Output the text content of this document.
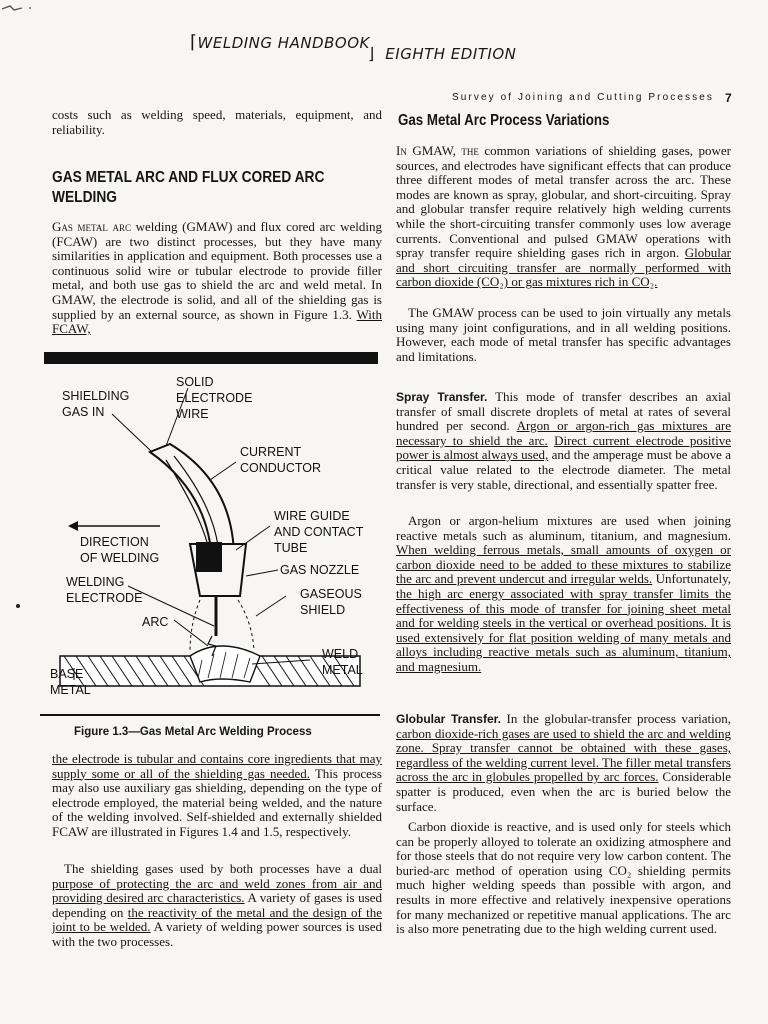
⌈WELDING HANDBOOK
⌋ EIGHTH EDITION
Survey of Joining and Cutting Processes 7

costs such as welding speed, materials, equipment, and reliability.

GAS METAL ARC AND FLUX CORED ARC WELDING

Gas metal arc welding (GMAW) and flux cored arc welding (FCAW) are two distinct processes, but they have many similarities in application and equipment. Both processes use a continuous solid wire or tubular electrode to provide filler metal, and both use gas to shield the arc and weld metal. In GMAW, the electrode is solid, and all of the shielding gas is supplied by an external source, as shown in Figure 1.3. With FCAW,

SHIELDING
GAS IN
SOLID
ELECTRODE
WIRE
CURRENT
CONDUCTOR
WIRE GUIDE
AND CONTACT
TUBE
DIRECTION
OF WELDING
GAS NOZZLE
WELDING
ELECTRODE	GASEOUS
SHIELD
ARC
WELD
METAL
BASE
METAL
Figure 1.3—Gas Metal Arc Welding Process

the electrode is tubular and contains core ingredients that may supply some or all of the shielding gas needed. This process may also use auxiliary gas shielding, depending on the type of electrode employed, the material being welded, and the nature of the welding involved. Self-shielded and externally shielded FCAW are illustrated in Figures 1.4 and 1.5, respectively.

The shielding gases used by both processes have a dual purpose of protecting the arc and weld zones from air and providing desired arc characteristics. A variety of gases is used depending on the reactivity of the metal and the design of the joint to be welded. A variety of welding power sources is used with the two processes.

Gas Metal Arc Process Variations

In GMAW, the common variations of shielding gases, power sources, and electrodes have significant effects that can produce three different modes of metal transfer across the arc. These modes are known as spray, globular, and short-circuiting. Spray and globular transfer require relatively high welding currents while the short-circuiting transfer commonly uses low average currents. Conventional and pulsed GMAW operations with spray transfer require shielding gases rich in argon. Globular and short circuiting transfer are normally performed with carbon dioxide (CO₂) or gas mixtures rich in CO₂.

The GMAW process can be used to join virtually any metals using many joint configurations, and in all welding positions. However, each mode of metal transfer has specific advantages and limitations.

Spray Transfer. This mode of transfer describes an axial transfer of small discrete droplets of metal at rates of several hundred per second. Argon or argon-rich gas mixtures are necessary to shield the arc. Direct current electrode positive power is almost always used, and the amperage must be above a critical value related to the electrode diameter. The metal transfer is very stable, directional, and essentially spatter free.

Argon or argon-helium mixtures are used when joining reactive metals such as aluminum, titanium, and magnesium. When welding ferrous metals, small amounts of oxygen or carbon dioxide need to be added to these mixtures to stabilize the arc and prevent undercut and irregular welds. Unfortunately, the high arc energy associated with spray transfer limits the effectiveness of this mode of transfer for joining sheet metal and for welding steels in the vertical or overhead positions. It is used extensively for flat position welding of many metals and alloys including reactive metals such as aluminum, titanium, and magnesium.

Globular Transfer. In the globular-transfer process variation, carbon dioxide-rich gases are used to shield the arc and welding zone. Spray transfer cannot be obtained with these gases, regardless of the welding current level. The filler metal transfers across the arc in globules propelled by arc forces. Considerable spatter is produced, even when the arc is buried below the surface.

Carbon dioxide is reactive, and is used only for steels which can be properly alloyed to tolerate an oxidizing atmosphere and for those steels that do not require very low carbon content. The buried-arc method of operation using CO₂ shielding permits much higher welding speeds than possible with argon, and results in more effective and relatively inexpensive operations for many mechanized or repetitive manual applications. The arc is also more penetrating due to the high welding current used.
